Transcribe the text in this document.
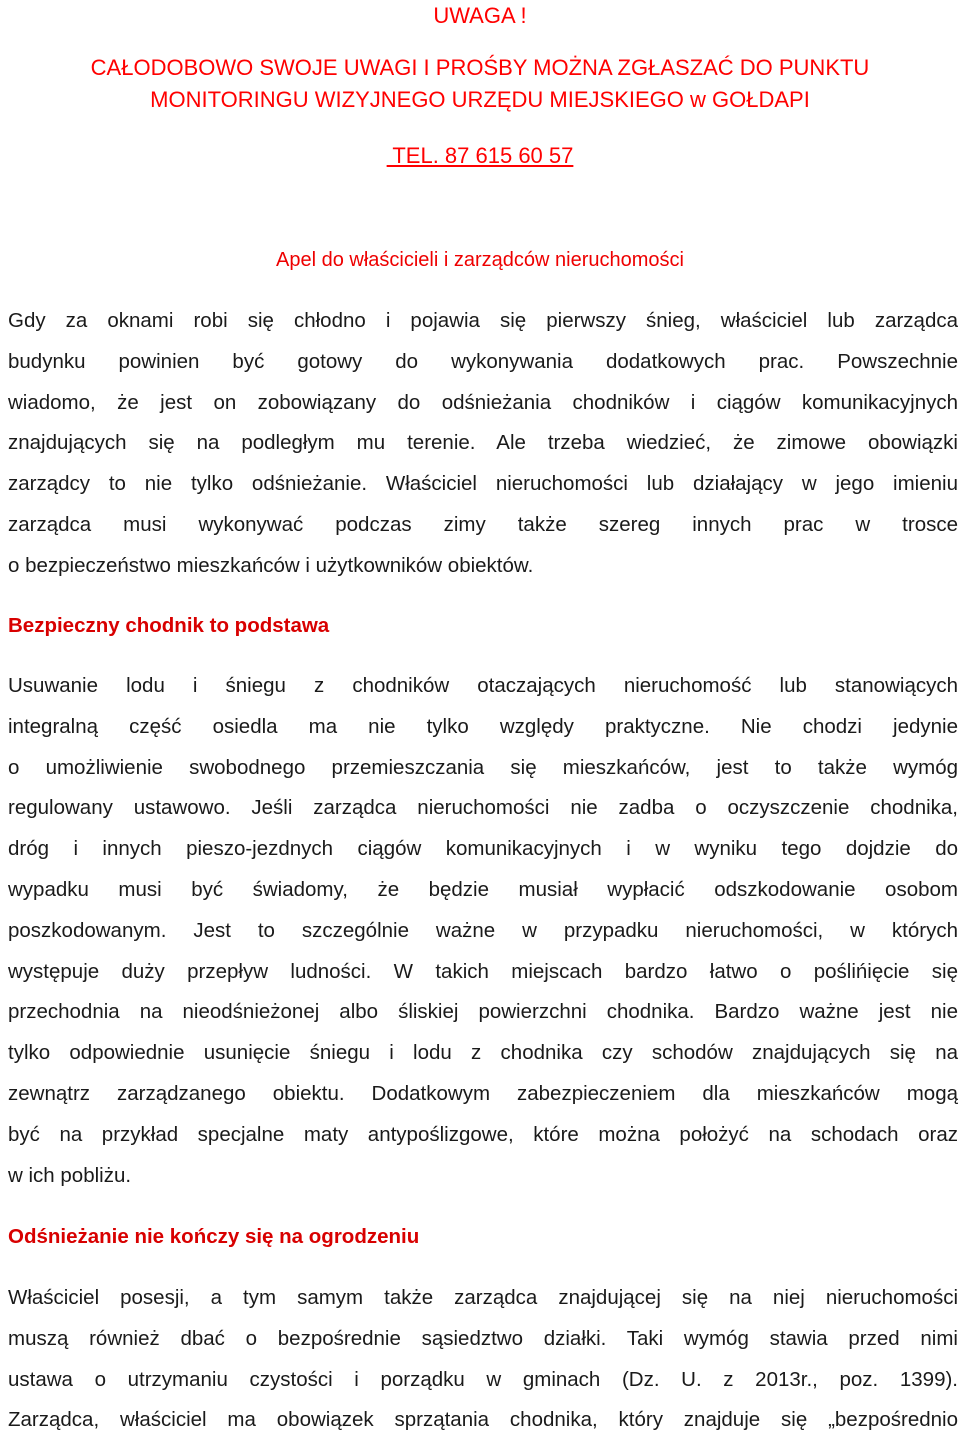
UWAGA !
CAŁODOBOWO SWOJE UWAGI I PROŚBY MOŻNA ZGŁASZAĆ DO PUNKTU
MONITORINGU WIZYJNEGO URZĘDU MIEJSKIEGO w GOŁDAPI
TEL. 87 615 60 57
Apel do właścicieli i zarządców nieruchomości
Gdy za oknami robi się chłodno i pojawia się pierwszy śnieg, właściciel lub zarządca
budynku powinien być gotowy do wykonywania dodatkowych prac. Powszechnie
wiadomo, że jest on zobowiązany do odśnieżania chodników i ciągów komunikacyjnych
znajdujących się na podległym mu terenie. Ale trzeba wiedzieć, że zimowe obowiązki
zarządcy to nie tylko odśnieżanie. Właściciel nieruchomości lub działający w jego imieniu
zarządca musi wykonywać podczas zimy także szereg innych prac w trosce
o bezpieczeństwo mieszkańców i użytkowników obiektów.
Bezpieczny chodnik to podstawa
Usuwanie lodu i śniegu z chodników otaczających nieruchomość lub stanowiących
integralną część osiedla ma nie tylko względy praktyczne. Nie chodzi jedynie
o umożliwienie swobodnego przemieszczania się mieszkańców, jest to także wymóg
regulowany ustawowo. Jeśli zarządca nieruchomości nie zadba o oczyszczenie chodnika,
dróg i innych pieszo-jezdnych ciągów komunikacyjnych i w wyniku tego dojdzie do
wypadku musi być świadomy, że będzie musiał wypłacić odszkodowanie osobom
poszkodowanym. Jest to szczególnie ważne w przypadku nieruchomości, w których
występuje duży przepływ ludności. W takich miejscach bardzo łatwo o poślińięcie się
przechodnia na nieodśnieżonej albo śliskiej powierzchni chodnika. Bardzo ważne jest nie
tylko odpowiednie usunięcie śniegu i lodu z chodnika czy schodów znajdujących się na
zewnątrz zarządzanego obiektu. Dodatkowym zabezpieczeniem dla mieszkańców mogą
być na przykład specjalne maty antypoślizgowe, które można położyć na schodach oraz
w ich pobliżu.
Odśnieżanie nie kończy się na ogrodzeniu
Właściciel posesji, a tym samym także zarządca znajdującej się na niej nieruchomości
muszą również dbać o bezpośrednie sąsiedztwo działki. Taki wymóg stawia przed nimi
ustawa o utrzymaniu czystości i porządku w gminach (Dz. U. z 2013r., poz. 1399).
Zarządca, właściciel ma obowiązek sprzątania chodnika, który znajduje się „bezpośrednio
